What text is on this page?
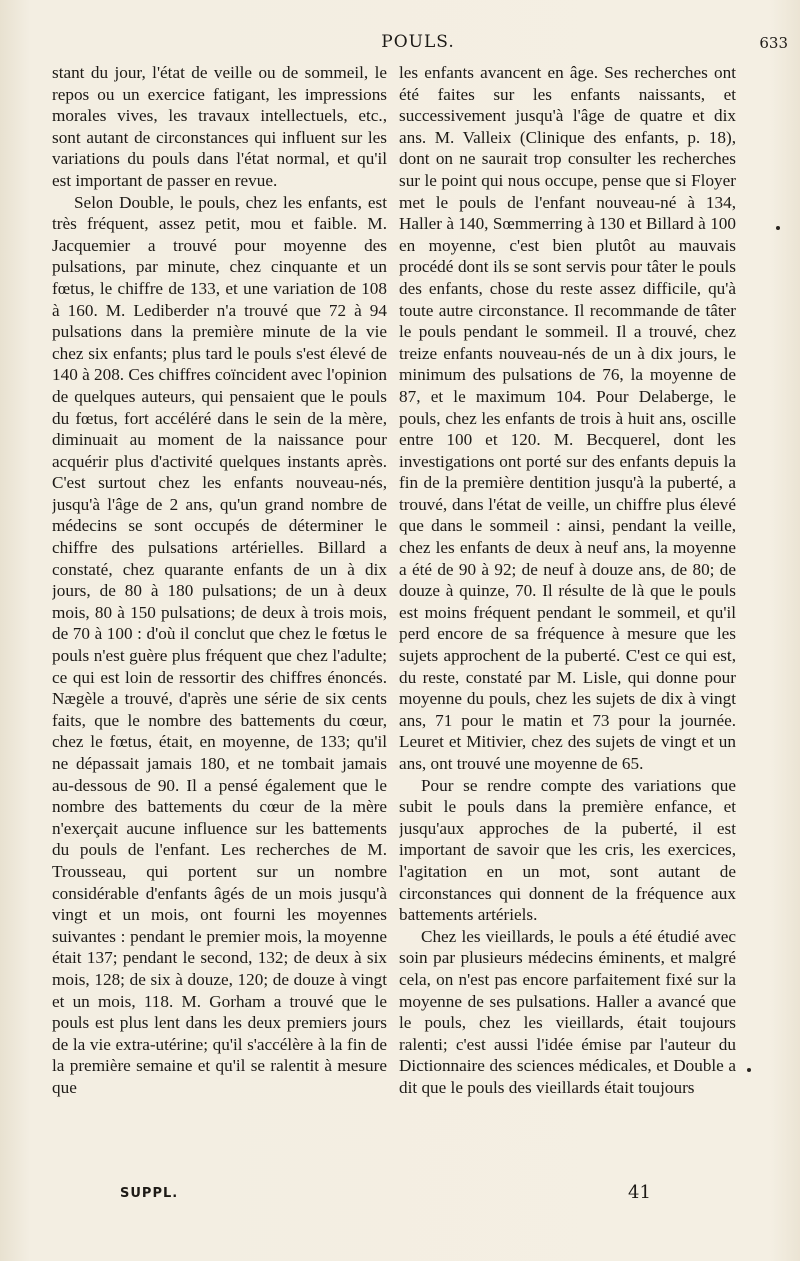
POULS.	633

stant du jour, l'état de veille ou de sommeil, le repos ou un exercice fatigant, les impressions morales vives, les travaux intellectuels, etc., sont autant de circonstances qui influent sur les variations du pouls dans l'état normal, et qu'il est important de passer en revue.

Selon Double, le pouls, chez les enfants, est très fréquent, assez petit, mou et faible. M. Jacquemier a trouvé pour moyenne des pulsations, par minute, chez cinquante et un fœtus, le chiffre de 133, et une variation de 108 à 160. M. Lediberder n'a trouvé que 72 à 94 pulsations dans la première minute de la vie chez six enfants; plus tard le pouls s'est élevé de 140 à 208. Ces chiffres coïncident avec l'opinion de quelques auteurs, qui pensaient que le pouls du fœtus, fort accéléré dans le sein de la mère, diminuait au moment de la naissance pour acquérir plus d'activité quelques instants après. C'est surtout chez les enfants nouveau-nés, jusqu'à l'âge de 2 ans, qu'un grand nombre de médecins se sont occupés de déterminer le chiffre des pulsations artérielles. Billard a constaté, chez quarante enfants de un à dix jours, de 80 à 180 pulsations; de un à deux mois, 80 à 150 pulsations; de deux à trois mois, de 70 à 100 : d'où il conclut que chez le fœtus le pouls n'est guère plus fréquent que chez l'adulte; ce qui est loin de ressortir des chiffres énoncés. Nægèle a trouvé, d'après une série de six cents faits, que le nombre des battements du cœur, chez le fœtus, était, en moyenne, de 133; qu'il ne dépassait jamais 180, et ne tombait jamais au-dessous de 90. Il a pensé également que le nombre des battements du cœur de la mère n'exerçait aucune influence sur les battements du pouls de l'enfant. Les recherches de M. Trousseau, qui portent sur un nombre considérable d'enfants âgés de un mois jusqu'à vingt et un mois, ont fourni les moyennes suivantes : pendant le premier mois, la moyenne était 137; pendant le second, 132; de deux à six mois, 128; de six à douze, 120; de douze à vingt et un mois, 118. M. Gorham a trouvé que le pouls est plus lent dans les deux premiers jours de la vie extra-utérine; qu'il s'accélère à la fin de la première semaine et qu'il se ralentit à mesure que

les enfants avancent en âge. Ses recherches ont été faites sur les enfants naissants, et successivement jusqu'à l'âge de quatre et dix ans. M. Valleix (Clinique des enfants, p. 18), dont on ne saurait trop consulter les recherches sur le point qui nous occupe, pense que si Floyer met le pouls de l'enfant nouveau-né à 134, Haller à 140, Sœmmerring à 130 et Billard à 100 en moyenne, c'est bien plutôt au mauvais procédé dont ils se sont servis pour tâter le pouls des enfants, chose du reste assez difficile, qu'à toute autre circonstance. Il recommande de tâter le pouls pendant le sommeil. Il a trouvé, chez treize enfants nouveau-nés de un à dix jours, le minimum des pulsations de 76, la moyenne de 87, et le maximum 104. Pour Delaberge, le pouls, chez les enfants de trois à huit ans, oscille entre 100 et 120. M. Becquerel, dont les investigations ont porté sur des enfants depuis la fin de la première dentition jusqu'à la puberté, a trouvé, dans l'état de veille, un chiffre plus élevé que dans le sommeil : ainsi, pendant la veille, chez les enfants de deux à neuf ans, la moyenne a été de 90 à 92; de neuf à douze ans, de 80; de douze à quinze, 70. Il résulte de là que le pouls est moins fréquent pendant le sommeil, et qu'il perd encore de sa fréquence à mesure que les sujets approchent de la puberté. C'est ce qui est, du reste, constaté par M. Lisle, qui donne pour moyenne du pouls, chez les sujets de dix à vingt ans, 71 pour le matin et 73 pour la journée. Leuret et Mitivier, chez des sujets de vingt et un ans, ont trouvé une moyenne de 65.

Pour se rendre compte des variations que subit le pouls dans la première enfance, et jusqu'aux approches de la puberté, il est important de savoir que les cris, les exercices, l'agitation en un mot, sont autant de circonstances qui donnent de la fréquence aux battements artériels.

Chez les vieillards, le pouls a été étudié avec soin par plusieurs médecins éminents, et malgré cela, on n'est pas encore parfaitement fixé sur la moyenne de ses pulsations. Haller a avancé que le pouls, chez les vieillards, était toujours ralenti; c'est aussi l'idée émise par l'auteur du Dictionnaire des sciences médicales, et Double a dit que le pouls des vieillards était toujours

SUPPL.	41
